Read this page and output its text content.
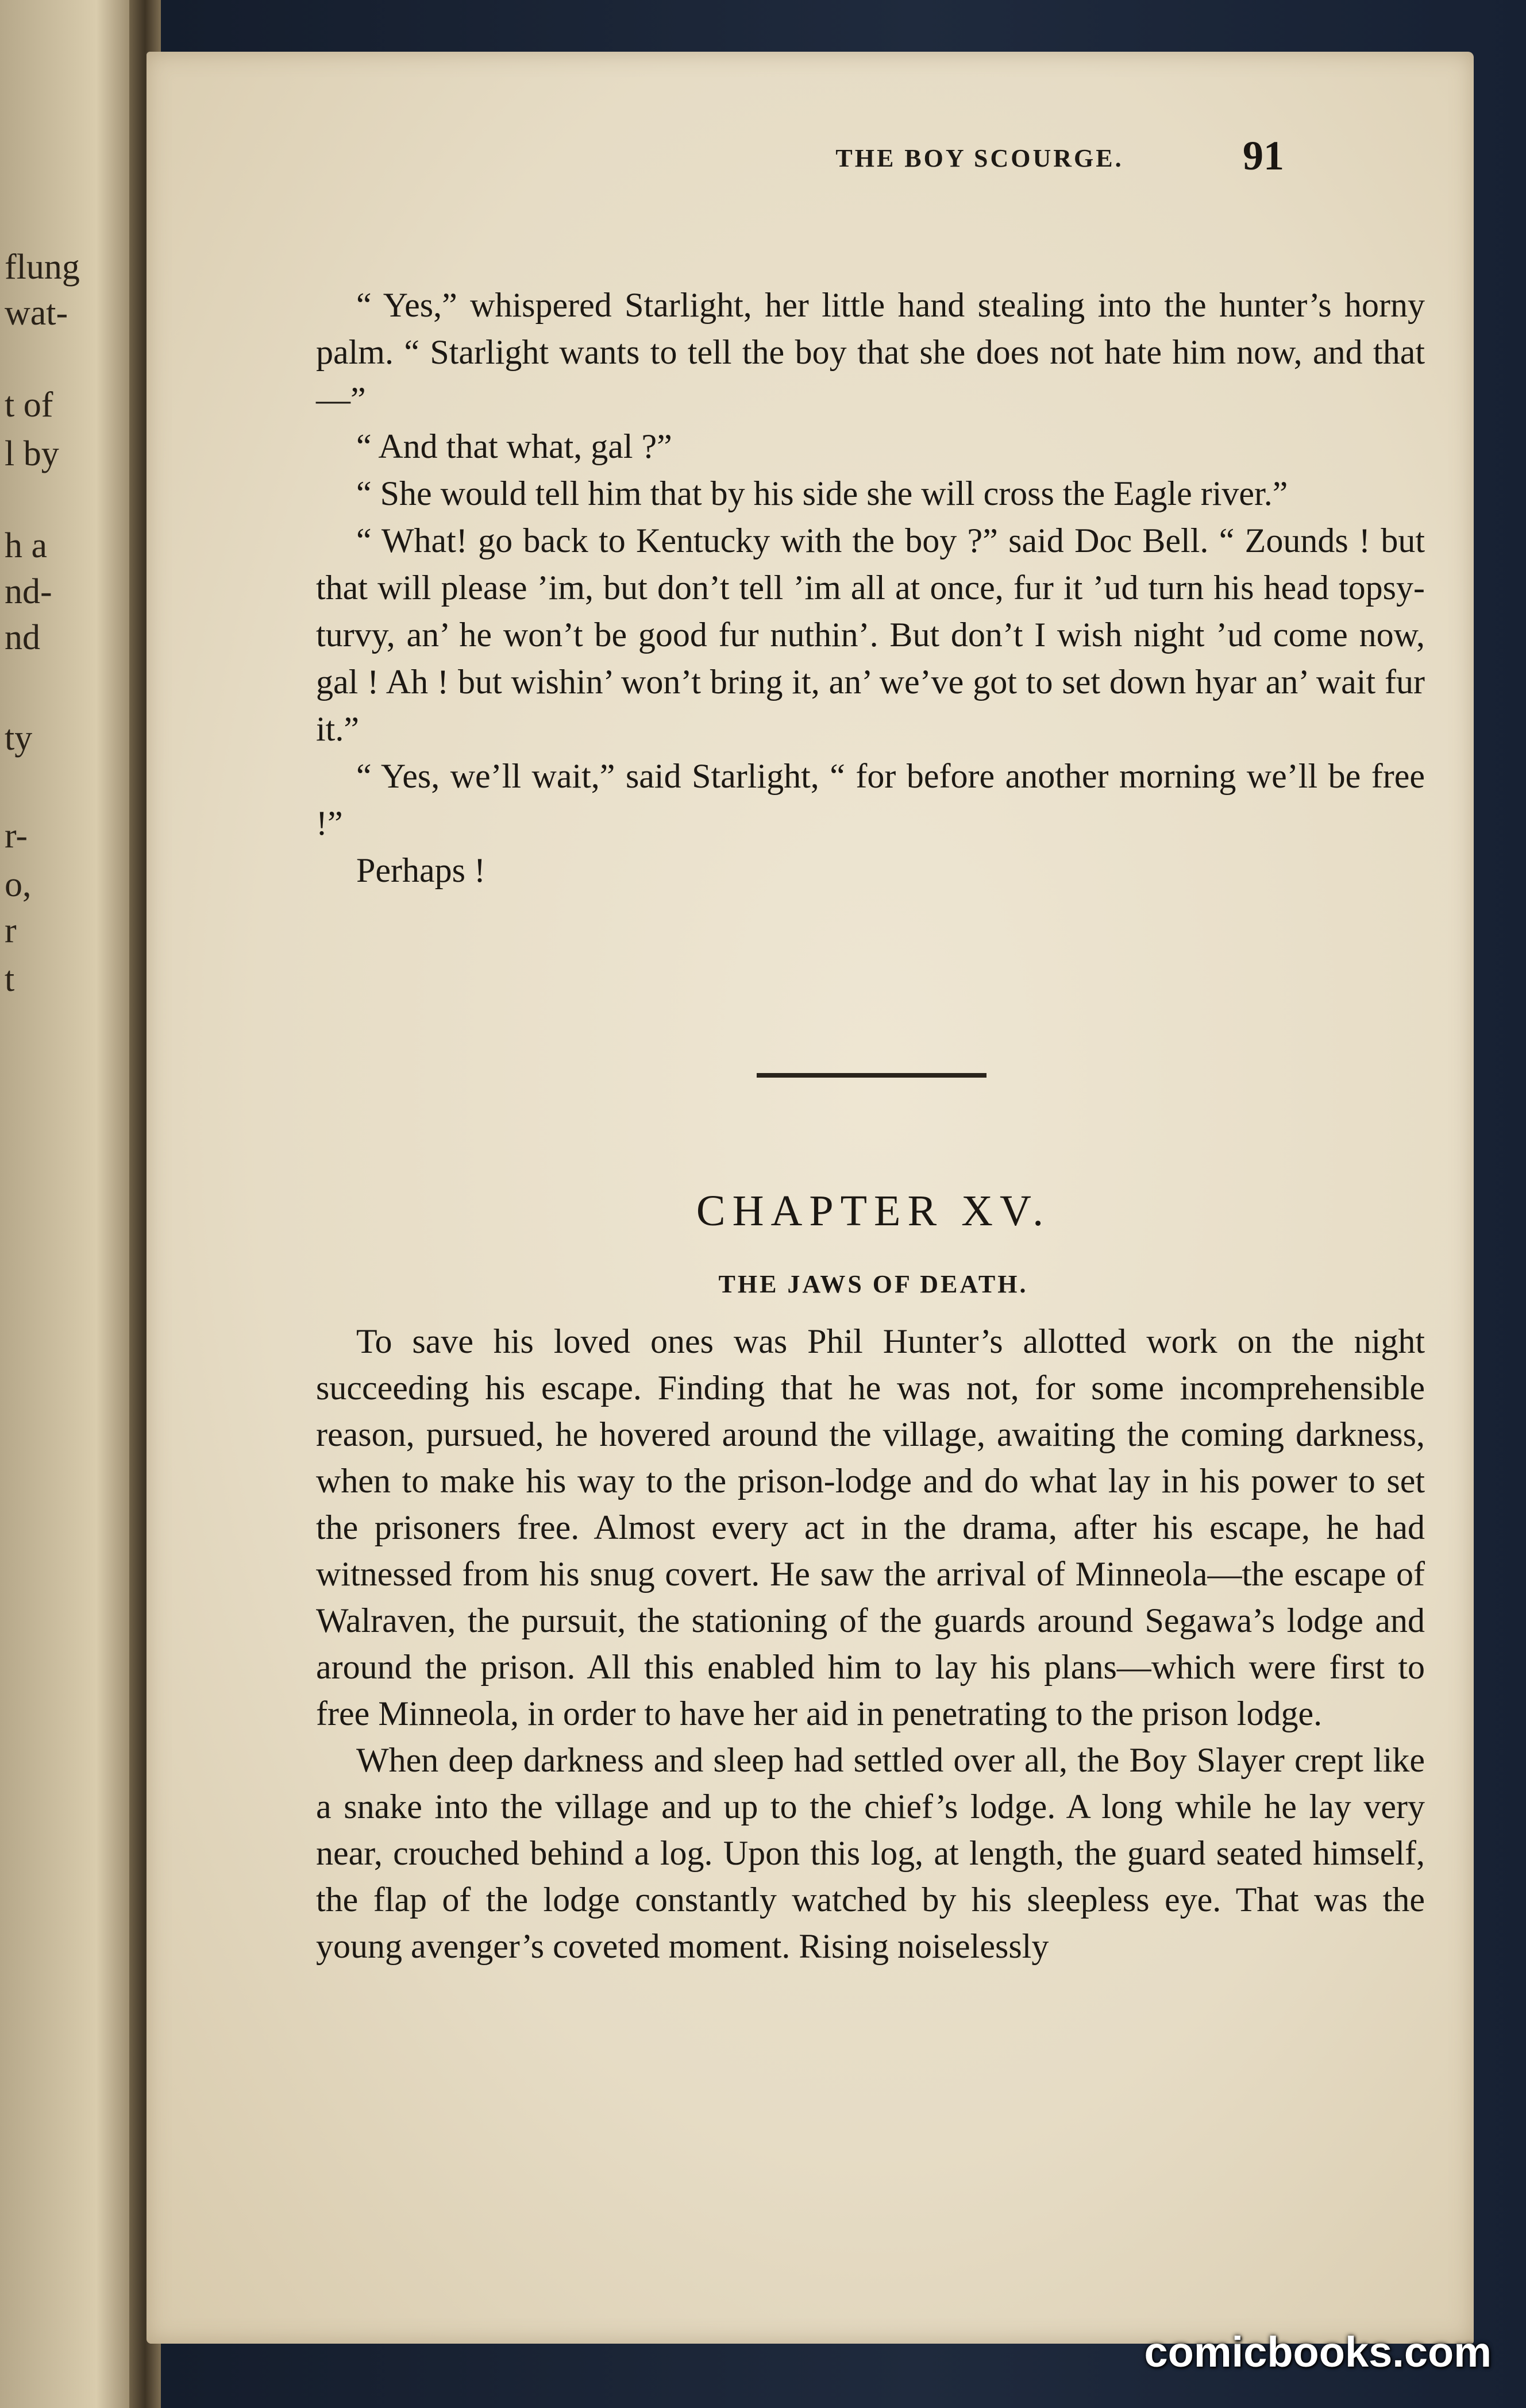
flung
wat-
t of
l by
h a
nd-
nd
ty
r-
o,
r
t
THE BOY SCOURGE.	91

“ Yes,” whispered Starlight, her little hand stealing into the hunter’s horny palm. “ Starlight wants to tell the boy that she does not hate him now, and that—”

“ And that what, gal ?”

“ She would tell him that by his side she will cross the Eagle river.”

“ What! go back to Kentucky with the boy ?” said Doc Bell. “ Zounds ! but that will please ’im, but don’t tell ’im all at once, fur it ’ud turn his head topsy-turvy, an’ he won’t be good fur nuthin’. But don’t I wish night ’ud come now, gal ! Ah ! but wishin’ won’t bring it, an’ we’ve got to set down hyar an’ wait fur it.”

“ Yes, we’ll wait,” said Starlight, “ for before another morning we’ll be free !”

Perhaps !

CHAPTER XV.
THE JAWS OF DEATH.

To save his loved ones was Phil Hunter’s allotted work on the night succeeding his escape. Finding that he was not, for some incomprehensible reason, pursued, he hovered around the village, awaiting the coming darkness, when to make his way to the prison-lodge and do what lay in his power to set the prisoners free. Almost every act in the drama, after his escape, he had witnessed from his snug covert. He saw the arrival of Minneola—the escape of Walraven, the pursuit, the stationing of the guards around Segawa’s lodge and around the prison. All this enabled him to lay his plans—which were first to free Minneola, in order to have her aid in penetrating to the prison lodge.

When deep darkness and sleep had settled over all, the Boy Slayer crept like a snake into the village and up to the chief’s lodge. A long while he lay very near, crouched behind a log. Upon this log, at length, the guard seated himself, the flap of the lodge constantly watched by his sleepless eye. That was the young avenger’s coveted moment. Rising noiselessly

comicbooks.com
